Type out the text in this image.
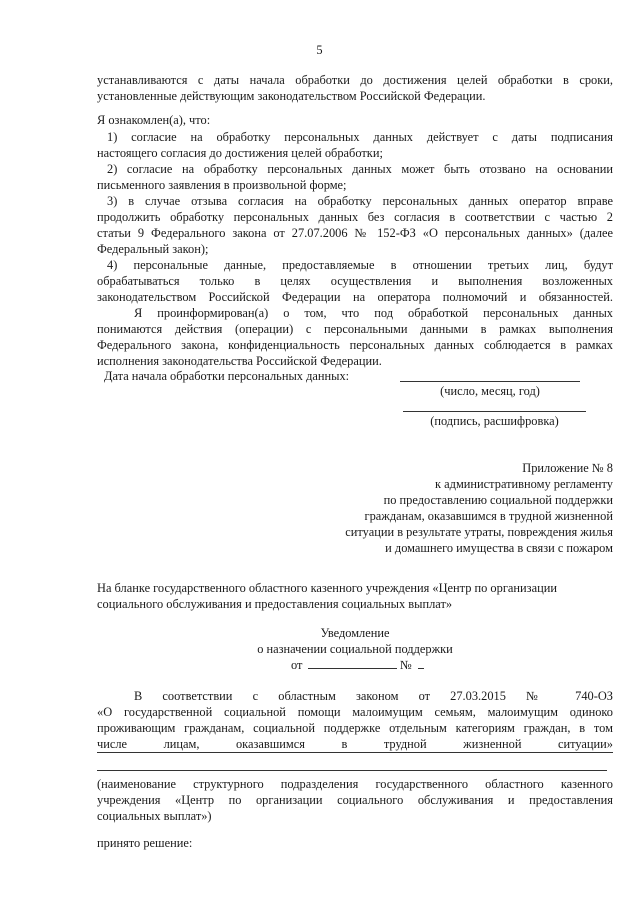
5
устанавливаются с даты начала обработки до достижения целей обработки в сроки,
установленные действующим законодательством Российской Федерации.
Я ознакомлен(а), что:
1) согласие на обработку персональных данных действует с даты подписания
настоящего согласия до достижения целей обработки;
2) согласие на обработку персональных данных может быть отозвано на основании
письменного заявления в произвольной форме;
3) в случае отзыва согласия на обработку персональных данных оператор вправе
продолжить обработку персональных данных без согласия в соответствии с частью 2
статьи 9 Федерального закона от 27.07.2006 № 152-ФЗ «О персональных данных» (далее
Федеральный закон);
4) персональные данные, предоставляемые в отношении третьих лиц, будут
обрабатываться только в целях осуществления и выполнения возложенных
законодательством Российской Федерации на оператора полномочий и обязанностей.
Я проинформирован(а) о том, что под обработкой персональных данных
понимаются действия (операции) с персональными данными в рамках выполнения
Федерального закона, конфиденциальность персональных данных соблюдается в рамках
исполнения законодательства Российской Федерации.
Дата начала обработки персональных данных:
(число, месяц, год)
(подпись, расшифровка)
Приложение № 8
к административному регламенту
по предоставлению социальной поддержки
гражданам, оказавшимся в трудной жизненной
ситуации в результате утраты, повреждения жилья
и домашнего имущества в связи с пожаром
На бланке государственного областного казенного учреждения «Центр по организации
социального обслуживания и предоставления социальных выплат»
Уведомление
о назначении социальной поддержки
от	№
В соответствии с областным законом от 27.03.2015 № 740-ОЗ
«О государственной социальной помощи малоимущим семьям, малоимущим одиноко
проживающим гражданам, социальной поддержке отдельным категориям граждан, в том
числе лицам, оказавшимся в трудной жизненной ситуации»
(наименование структурного подразделения государственного областного казенного
учреждения «Центр по организации социального обслуживания и предоставления
социальных выплат»)
принято решение:
